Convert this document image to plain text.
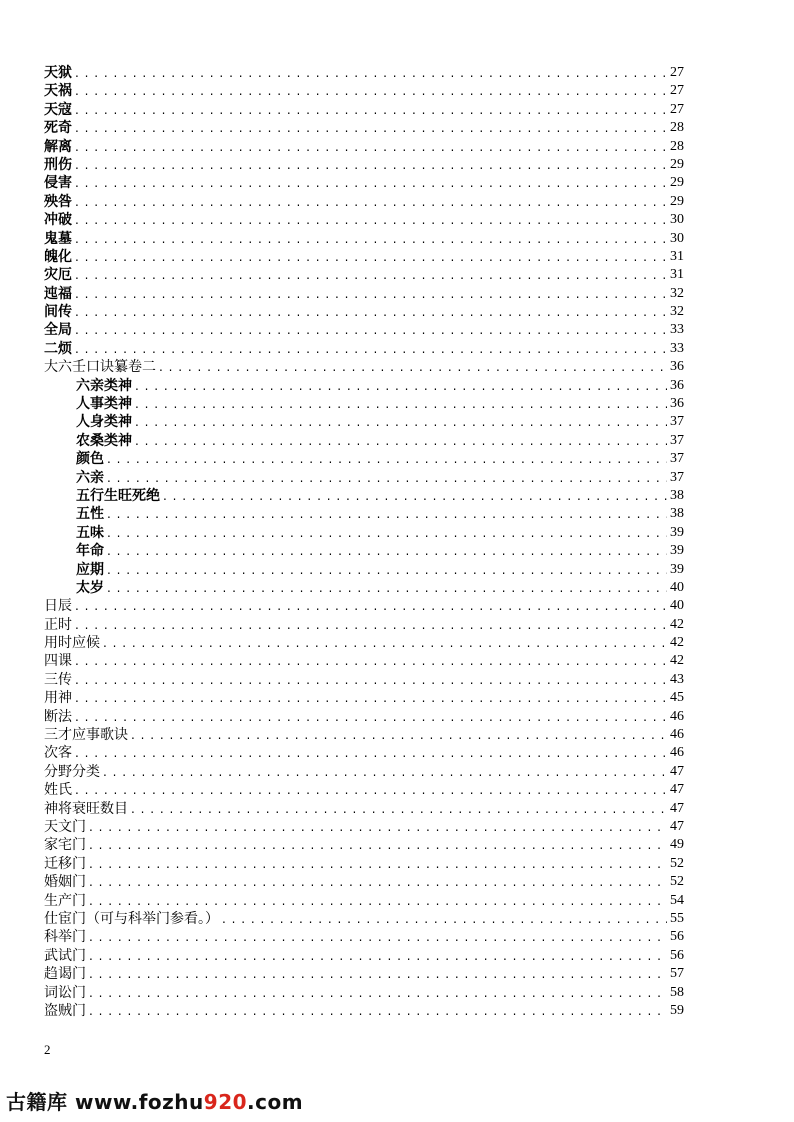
天狱 . . .	27
天祸 . . .	27
天寇 . . .	27
死奇 . . .	28
解离 . . .	28
刑伤 . . .	29
侵害 . . .	29
殃咎 . . .	29
冲破 . . .	30
鬼墓 . . .	30
魄化 . . .	31
灾厄 . . .	31
迍福 . . .	32
间传 . . .	32
全局 . . .	33
二烦 . . .	33
大六壬口诀纂卷二 . . .	36
六亲类神 . . .	36
人事类神 . . .	36
人身类神 . . .	37
农桑类神 . . .	37
颜色 . . .	37
六亲 . . .	37
五行生旺死绝 . . .	38
五性 . . .	38
五味 . . .	39
年命 . . .	39
应期 . . .	39
太岁 . . .	40
日辰 . . .	40
正时 . . .	42
用时应候 . . .	42
四课 . . .	42
三传 . . .	43
用神 . . .	45
断法 . . .	46
三才应事歌诀 . . .	46
次客 . . .	46
分野分类 . . .	47
姓氏 . . .	47
神将衰旺数目 . . .	47
天文门 . . .	47
家宅门 . . .	49
迁移门 . . .	52
婚姻门 . . .	52
生产门 . . .	54
仕宦门（可与科举门参看。） . . .	55
科举门 . . .	56
武试门 . . .	56
趋谒门 . . .	57
词讼门 . . .	58
盗贼门 . . .	59
2
古籍库 www.fozhu920.com
